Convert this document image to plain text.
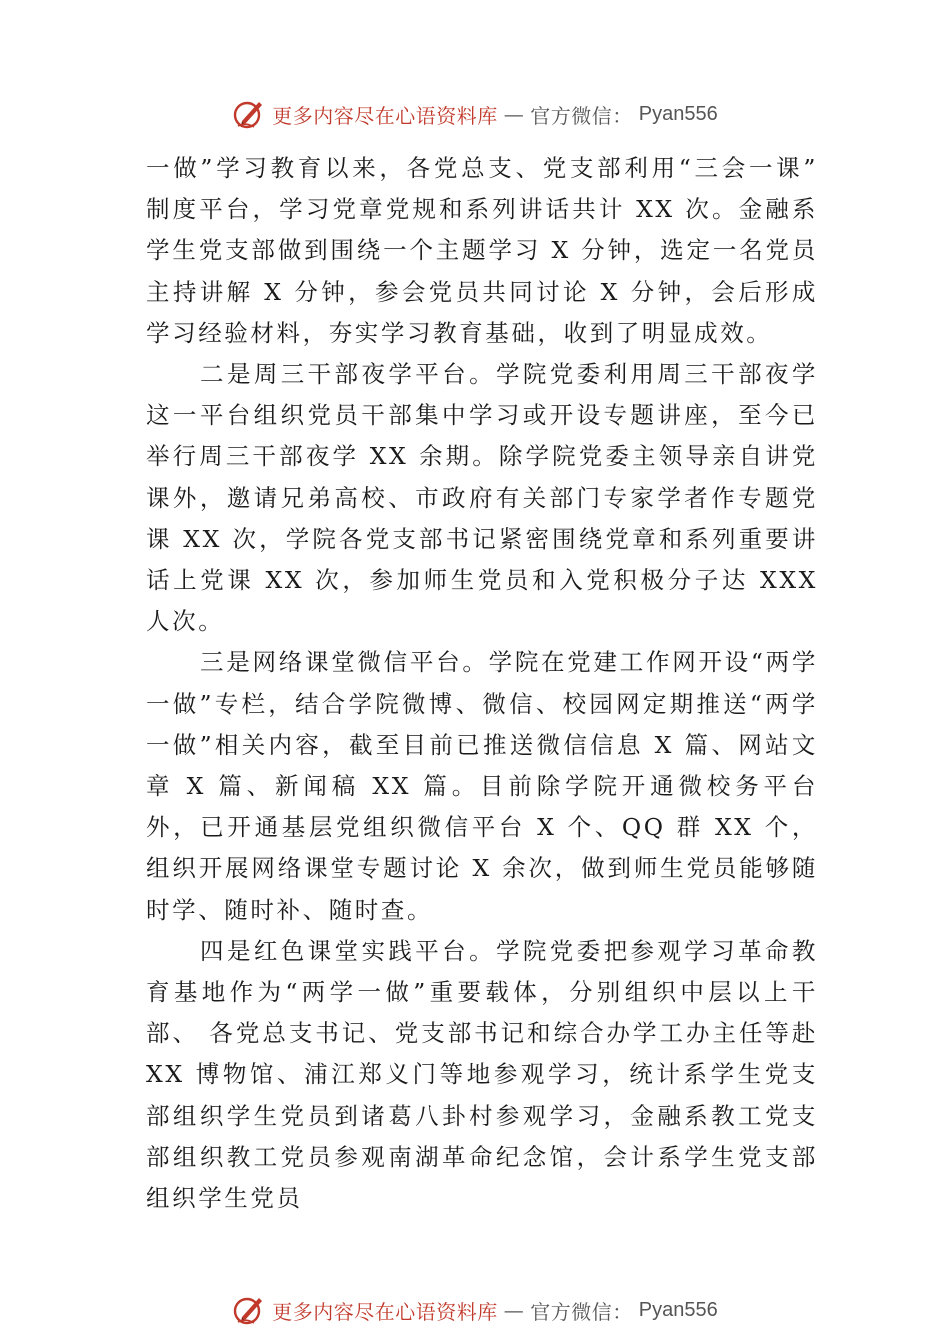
更多内容尽在心语资料库 — 官方微信： Pyan556

一做”学习教育以来，各党总支、党支部利用“三会一课” 制度平台，学习党章党规和系列讲话共计 XX 次。金融系学生党支部做到围绕一个主题学习 X 分钟，选定一名党员主持讲解 X 分钟，参会党员共同讨论 X 分钟，会后形成学习经验材料，夯实学习教育基础，收到了明显成效。

二是周三干部夜学平台。学院党委利用周三干部夜学这一平台组织党员干部集中学习或开设专题讲座，至今已举行周三干部夜学 XX 余期。除学院党委主领导亲自讲党课外，邀请兄弟高校、市政府有关部门专家学者作专题党课 XX 次，学院各党支部书记紧密围绕党章和系列重要讲话上党课 XX 次，参加师生党员和入党积极分子达 XXX 人次。

三是网络课堂微信平台。学院在党建工作网开设“两学一做”专栏，结合学院微博、微信、校园网定期推送“两学一做”相关内容，截至目前已推送微信信息 X 篇、网站文章 X 篇、新闻稿 XX 篇。目前除学院开通微校务平台外，已开通基层党组织微信平台 X 个、QQ 群 XX 个，组织开展网络课堂专题讨论 X 余次，做到师生党员能够随时学、随时补、随时查。

四是红色课堂实践平台。学院党委把参观学习革命教育基地作为“两学一做”重要载体，分别组织中层以上干部、 各党总支书记、党支部书记和综合办学工办主任等赴 XX 博物馆、浦江郑义门等地参观学习，统计系学生党支部组织学生党员到诸葛八卦村参观学习，金融系教工党支部组织教工党员参观南湖革命纪念馆，会计系学生党支部组织学生党员

更多内容尽在心语资料库 — 官方微信： Pyan556
